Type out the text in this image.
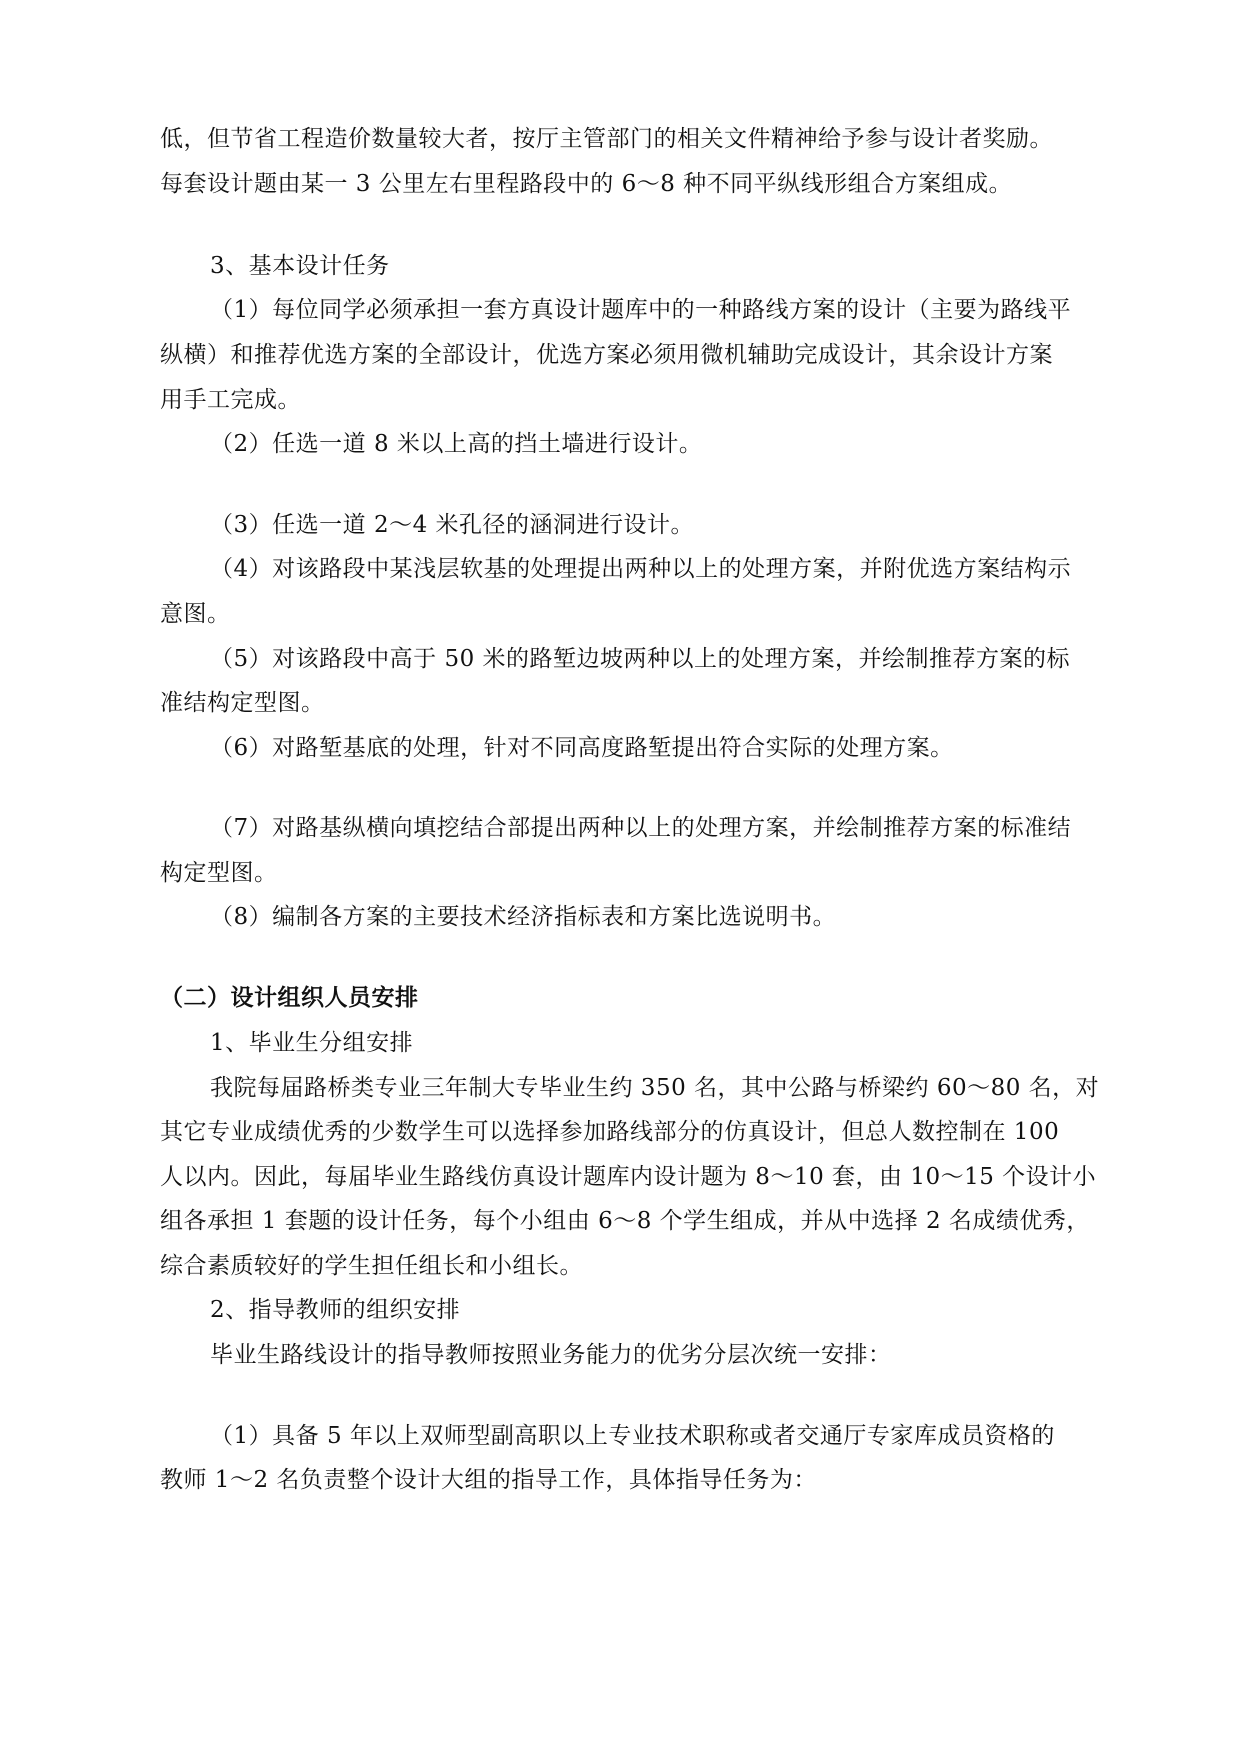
低，但节省工程造价数量较大者，按厅主管部门的相关文件精神给予参与设计者奖励。
每套设计题由某一 3 公里左右里程路段中的 6～8 种不同平纵线形组合方案组成。
3、基本设计任务
（1）每位同学必须承担一套方真设计题库中的一种路线方案的设计（主要为路线平
纵横）和推荐优选方案的全部设计，优选方案必须用微机辅助完成设计，其余设计方案
用手工完成。
（2）任选一道 8 米以上高的挡土墙进行设计。
（3）任选一道 2～4 米孔径的涵洞进行设计。
（4）对该路段中某浅层软基的处理提出两种以上的处理方案，并附优选方案结构示
意图。
（5）对该路段中高于 50 米的路堑边坡两种以上的处理方案，并绘制推荐方案的标
准结构定型图。
（6）对路堑基底的处理，针对不同高度路堑提出符合实际的处理方案。
（7）对路基纵横向填挖结合部提出两种以上的处理方案，并绘制推荐方案的标准结
构定型图。
（8）编制各方案的主要技术经济指标表和方案比选说明书。
（二）设计组织人员安排
1、毕业生分组安排
我院每届路桥类专业三年制大专毕业生约 350 名，其中公路与桥梁约 60～80 名，对
其它专业成绩优秀的少数学生可以选择参加路线部分的仿真设计，但总人数控制在 100
人以内。因此，每届毕业生路线仿真设计题库内设计题为 8～10 套，由 10～15 个设计小
组各承担 1 套题的设计任务，每个小组由 6～8 个学生组成，并从中选择 2 名成绩优秀，
综合素质较好的学生担任组长和小组长。
2、指导教师的组织安排
毕业生路线设计的指导教师按照业务能力的优劣分层次统一安排：
（1）具备 5 年以上双师型副高职以上专业技术职称或者交通厅专家库成员资格的
教师 1～2 名负责整个设计大组的指导工作，具体指导任务为：
